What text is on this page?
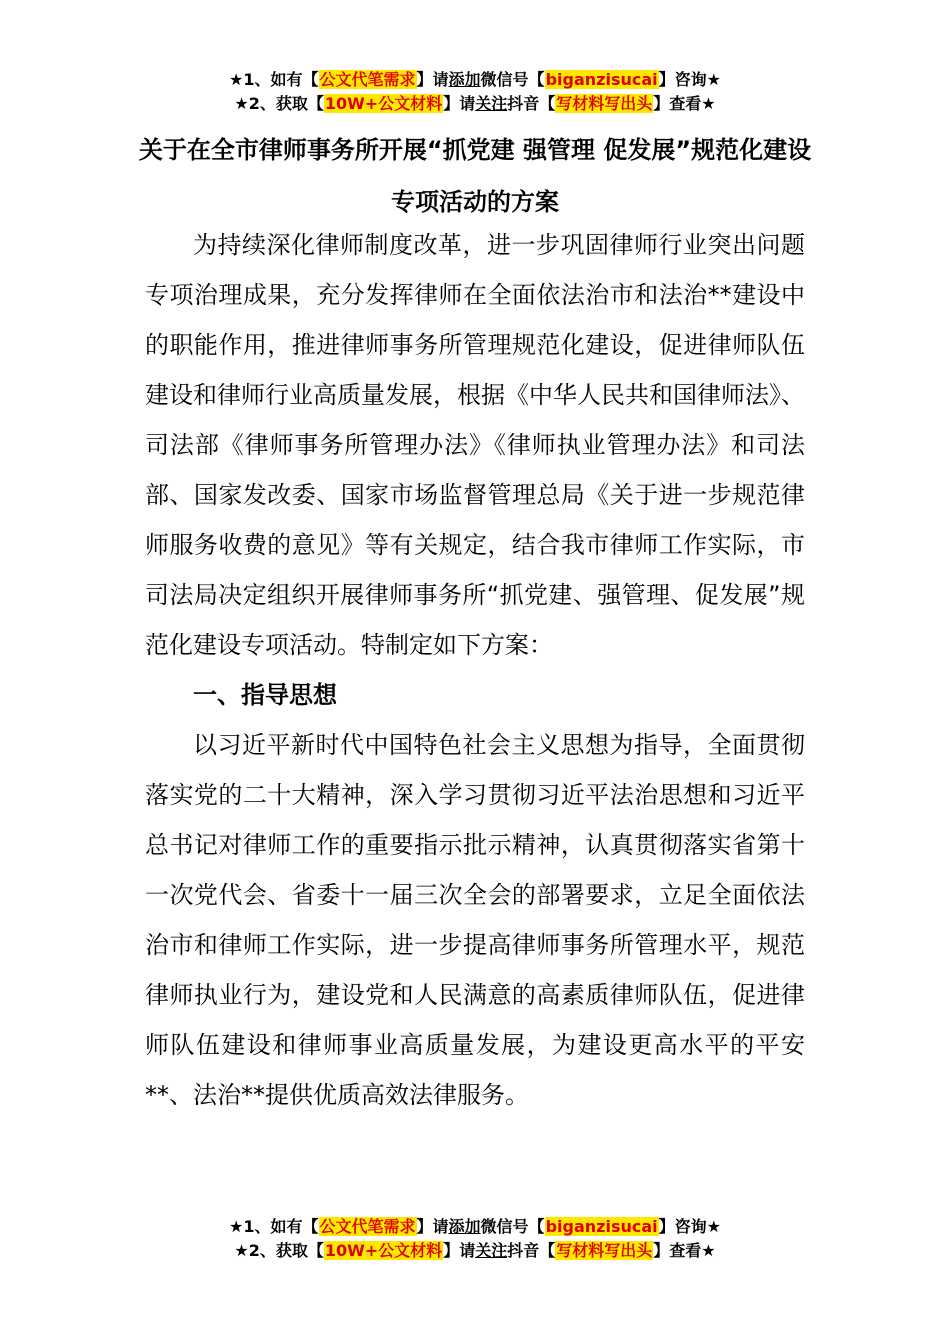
★1、如有【公文代笔需求】请添加微信号【biganzisucai】咨询★
★2、获取【10W+公文材料】请关注抖音【写材料写出头】查看★
关于在全市律师事务所开展“抓党建 强管理 促发展”规范化建设专项活动的方案

为持续深化律师制度改革，进一步巩固律师行业突出问题专项治理成果，充分发挥律师在全面依法治市和法治**建设中的职能作用，推进律师事务所管理规范化建设，促进律师队伍建设和律师行业高质量发展，根据《中华人民共和国律师法》、司法部《律师事务所管理办法》《律师执业管理办法》和司法部、国家发改委、国家市场监督管理总局《关于进一步规范律师服务收费的意见》等有关规定，结合我市律师工作实际，市司法局决定组织开展律师事务所“抓党建、强管理、促发展”规范化建设专项活动。特制定如下方案：

一、指导思想

以习近平新时代中国特色社会主义思想为指导，全面贯彻落实党的二十大精神，深入学习贯彻习近平法治思想和习近平总书记对律师工作的重要指示批示精神，认真贯彻落实省第十一次党代会、省委十一届三次全会的部署要求，立足全面依法治市和律师工作实际，进一步提高律师事务所管理水平，规范律师执业行为，建设党和人民满意的高素质律师队伍，促进律师队伍建设和律师事业高质量发展，为建设更高水平的平安**、法治**提供优质高效法律服务。

★1、如有【公文代笔需求】请添加微信号【biganzisucai】咨询★
★2、获取【10W+公文材料】请关注抖音【写材料写出头】查看★
